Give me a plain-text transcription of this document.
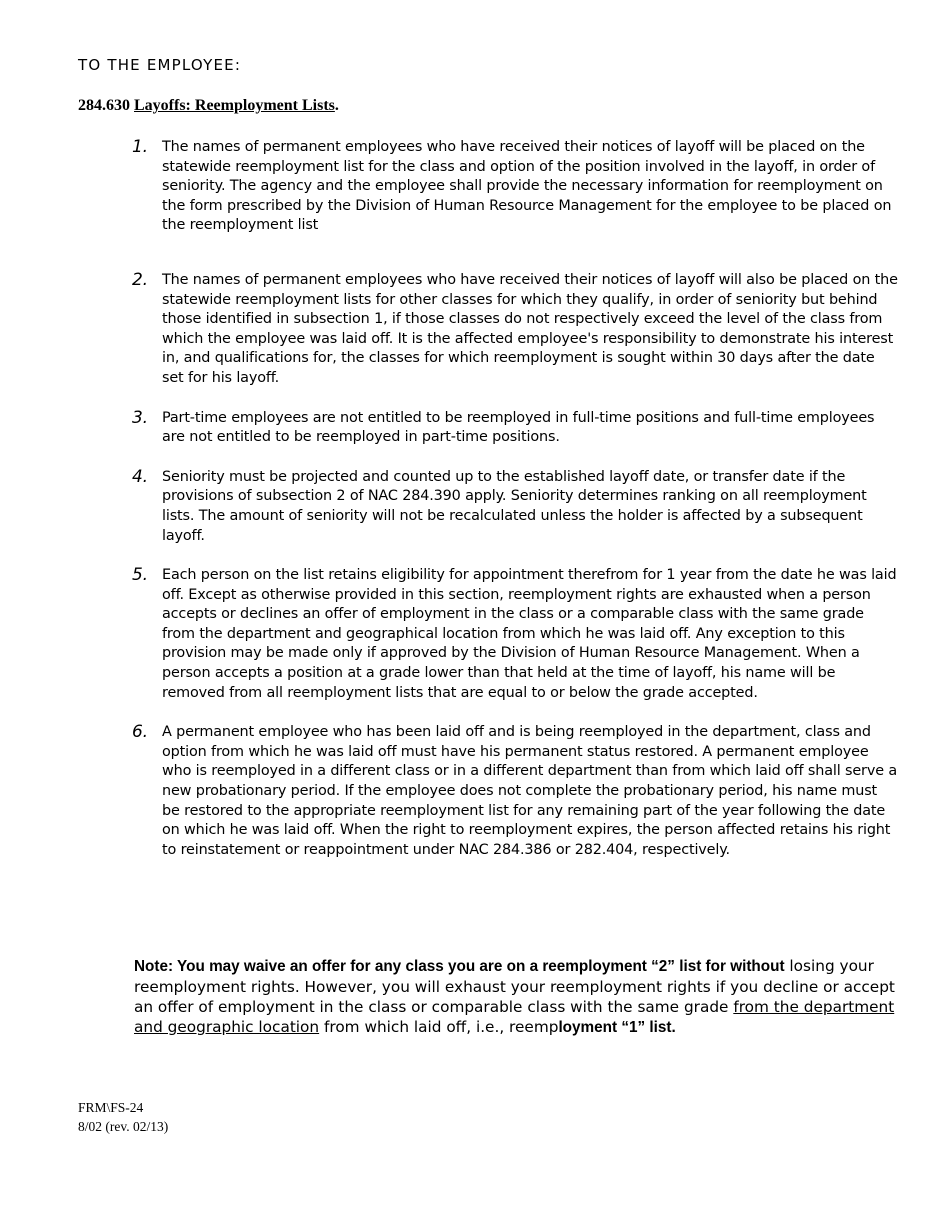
TO THE EMPLOYEE:
284.630 Layoffs: Reemployment Lists.
1. The names of permanent employees who have received their notices of layoff will be placed on the statewide reemployment list for the class and option of the position involved in the layoff, in order of seniority. The agency and the employee shall provide the necessary information for reemployment on the form prescribed by the Division of Human Resource Management for the employee to be placed on the reemployment list
2. The names of permanent employees who have received their notices of layoff will also be placed on the statewide reemployment lists for other classes for which they qualify, in order of seniority but behind those identified in subsection 1, if those classes do not respectively exceed the level of the class from which the employee was laid off. It is the affected employee's responsibility to demonstrate his interest in, and qualifications for, the classes for which reemployment is sought within 30 days after the date set for his layoff.
3. Part-time employees are not entitled to be reemployed in full-time positions and full-time employees are not entitled to be reemployed in part-time positions.
4. Seniority must be projected and counted up to the established layoff date, or transfer date if the provisions of subsection 2 of NAC 284.390 apply. Seniority determines ranking on all reemployment lists. The amount of seniority will not be recalculated unless the holder is affected by a subsequent layoff.
5. Each person on the list retains eligibility for appointment therefrom for 1 year from the date he was laid off. Except as otherwise provided in this section, reemployment rights are exhausted when a person accepts or declines an offer of employment in the class or a comparable class with the same grade from the department and geographical location from which he was laid off. Any exception to this provision may be made only if approved by the Division of Human Resource Management. When a person accepts a position at a grade lower than that held at the time of layoff, his name will be removed from all reemployment lists that are equal to or below the grade accepted.
6. A permanent employee who has been laid off and is being reemployed in the department, class and option from which he was laid off must have his permanent status restored. A permanent employee who is reemployed in a different class or in a different department than from which laid off shall serve a new probationary period. If the employee does not complete the probationary period, his name must be restored to the appropriate reemployment list for any remaining part of the year following the date on which he was laid off. When the right to reemployment expires, the person affected retains his right to reinstatement or reappointment under NAC 284.386 or 282.404, respectively.
Note: You may waive an offer for any class you are on a reemployment “2” list for without losing your reemployment rights. However, you will exhaust your reemployment rights if you decline or accept an offer of employment in the class or comparable class with the same grade from the department and geographic location from which laid off, i.e., reemployment “1” list.
FRM\FS-24
8/02 (rev. 02/13)
